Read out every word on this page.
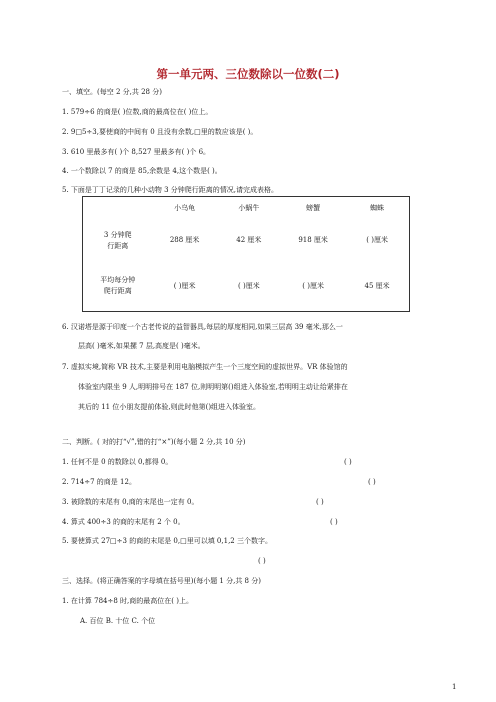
第一单元两、三位数除以一位数(二)
一、填空。(每空 2 分,共 28 分)
1. 579÷6 的商是( )位数,商的最高位在( )位上。
2. 9□5÷3,要使商的中间有 0 且没有余数,□里的数应该是( )。
3. 610 里最多有( )个 8,527 里最多有( )个 6。
4. 一个数除以 7 的商是 85,余数是 4,这个数是( )。
5. 下面是丁丁记录的几种小动物 3 分钟爬行距离的情况,请完成表格。
	小乌龟	小蜗牛	螃蟹	蜘蛛

3 分钟爬
行距离	288 厘米	42 厘米	918 厘米	( )厘米

平均每分钟
爬行距离	( )厘米	( )厘米	( )厘米	45 厘米
6. 汉诺塔是源于印度一个古老传说的益智器具,每层的厚度相同,如果三层高 39 毫米,那么一
层高( )毫米,如果摞 7 层,高度是( )毫米。
7. 虚拟实境,简称 VR 技术,主要是利用电脑模拟产生一个三度空间的虚拟世界。VR 体验馆的
体验室内限坐 9 人,明明排号在 187 位,则明明第()组进入体验室,若明明主动让给紧排在
其后的 11 位小朋友提前体验,则此时他第()组进入体验室。
二、判断。( 对的打“√”,错的打“×”)(每小题 2 分,共 10 分)
1. 任何不是 0 的数除以 0,都得 0。	( )
2. 714÷7 的商是 12。	( )
3. 被除数的末尾有 0,商的末尾也一定有 0。	( )
4. 算式 400÷3 的商的末尾有 2 个 0。	( )
5. 要使算式 27□÷3 的商的末尾是 0,□里可以填 0,1,2 三个数字。
( )
三、选择。(将正确答案的字母填在括号里)(每小题 1 分,共 8 分)
1. 在计算 784÷8 时,商的最高位在( )上。
A. 百位 B. 十位 C. 个位
1
